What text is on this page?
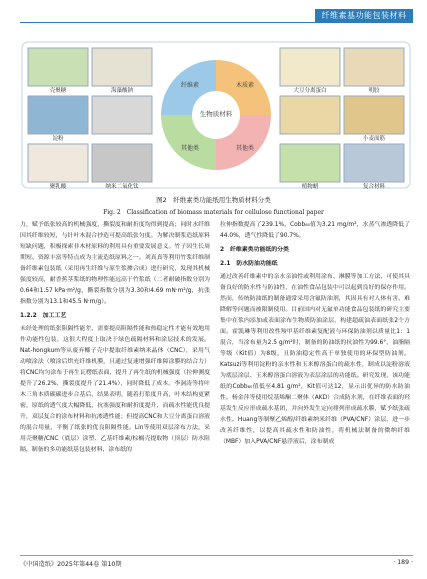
纤维素基功能包装材料
生物质材料
纤维素	木质素
其他类	其他类
壳聚糖	海藻酸钠
淀粉
聚乳酸	纳米二氧化钛
大豆分离蛋白	明胶
小麦面筋
植物蜡	复合材料
图2　纤维素类功能纸用生物质材料分类
Fig. 2　Classification of biomass materials for cellulose functional paper

力，赋予纸张较高的机械强度，撕裂度和耐折度均得到提高；同时水纤维因其纤维较短，与针叶木混合抄造可提高纸张匀度。为解决制浆造纸原料短缺问题，积极探索非木材原料的利用具有重要发展意义。竹子因生长周期短、资源丰富等特点成为主流造纸原料之一。刘真真等利用竹浆纤维制备纤维素包装纸（采用再生纤维与原生浆掺合成）进行研究，发现其机械强度较高，耐香蕉茎浆纸的物理性能远高于竹浆纸（二者耐破指数分别为0.64和1.57 kPa·m²/g，撕裂指数分别为3.30和4.69 mN·m²/g，抗张指数分别为13.1和45.5 N·m/g）。

1.2.2　加工工艺

未经处理的纸张阻隔性能差，需要提高阻隔性能和热稳定性才能有效地用作功能性包装，这很大程度上取决于绿色疏隔材料和涂层技术的发展。Nat-hongkum等从废弃椰子壳中提取纤维素纳米晶体（CNC），采用气动喷涂法（喷涂后烘充纤维机膜，且通过复速增强纤维障涂膜的结合力）将CNC均匀涂布于再生瓦楞纸表面，提升了再生纸的机械强度（拉伸测度提升了26.2%，撕裂度提升了21.4%），同时降低了成本。李洞涛等将叶木三角本质碳碳进步合基后，结果表明，随着打浆度升高，叶木结构更紧密，原纸的透气度大幅降低，抗塞强度和耐折度提升，而疏水性能优良提升，双层复合的涂布材料和抗渗透性能；但提高CNC和大豆分离蛋白溶液的混合用量，平衡了纸张的优良阻隔性能。Lin等使用双层涂布方法，采用壳聚糖/CNC（底层）涂塑、乙基纤维素/棕榈壳提取物（顶层）防水阻隔，制备的多功能纸基包装材料，涂布纸的

拉伸指数提高了239.1%，Cobb₆₀值为3.21 mg/m²，水蒸气渗透降低了44.0%，透气性降低了90.7%。

2　纤维素类功能纸的分类

2.1　防水防油功能纸

通过改善纤维素中的亲水亲油性或利用涂布、淋膜等加工方法，可使其具备良好的防水性与防油性，在油性食品包装中可以起到良好的保存作用。然而，传统防油纸的制备通常采用含氟防油剂，其因具有对人体有害、难降解等问题而被限制使用。目前国内对无氟单功能食品包装纸的研究主要集中在浆内添加或表面涂布生物质防油涂层，构建超疏油表面纸张2个方面。霍凯琳等利用改性羧甲基纤维素复配液与环保防油剂以质量比1：1混合，当涂布量为2.5 g/m²时，制备的防油纸的抗油性为99.6°，油脂隔等级（Kit值）为8级，且防油稳定性高于单独使用的环保型防油剂。Katsuzi等利用淀粉的亲水性和玉米醇溶蛋白的疏水性，制成以淀粉溶液为底层涂层、玉米醇溶蛋白溶液为表层涂层的功能纸。研究发现，该功能纸的Cobb₆₀值低至4.81 g/m²，Kit值可达12，显示出优异的防水防油性。杨金萍等使用烷基烯酮二聚体（AKD）合成防水剂，在纤维表面的羟基发生反应形成疏水基团，并向外发生定向排列形成疏水膜，赋予纸张疏水性。Huang等制聚乙烯醇/纤维素纳米纤维（PVA/CNF）涂层，进一步改善纤维性，以提高其疏水性和防油性。将机械法制备的微纳纤维（MBF）加入PVA/CNF悬浮液后，涂布制成

《中国造纸》2025年第44卷 第10期	· 189 ·
